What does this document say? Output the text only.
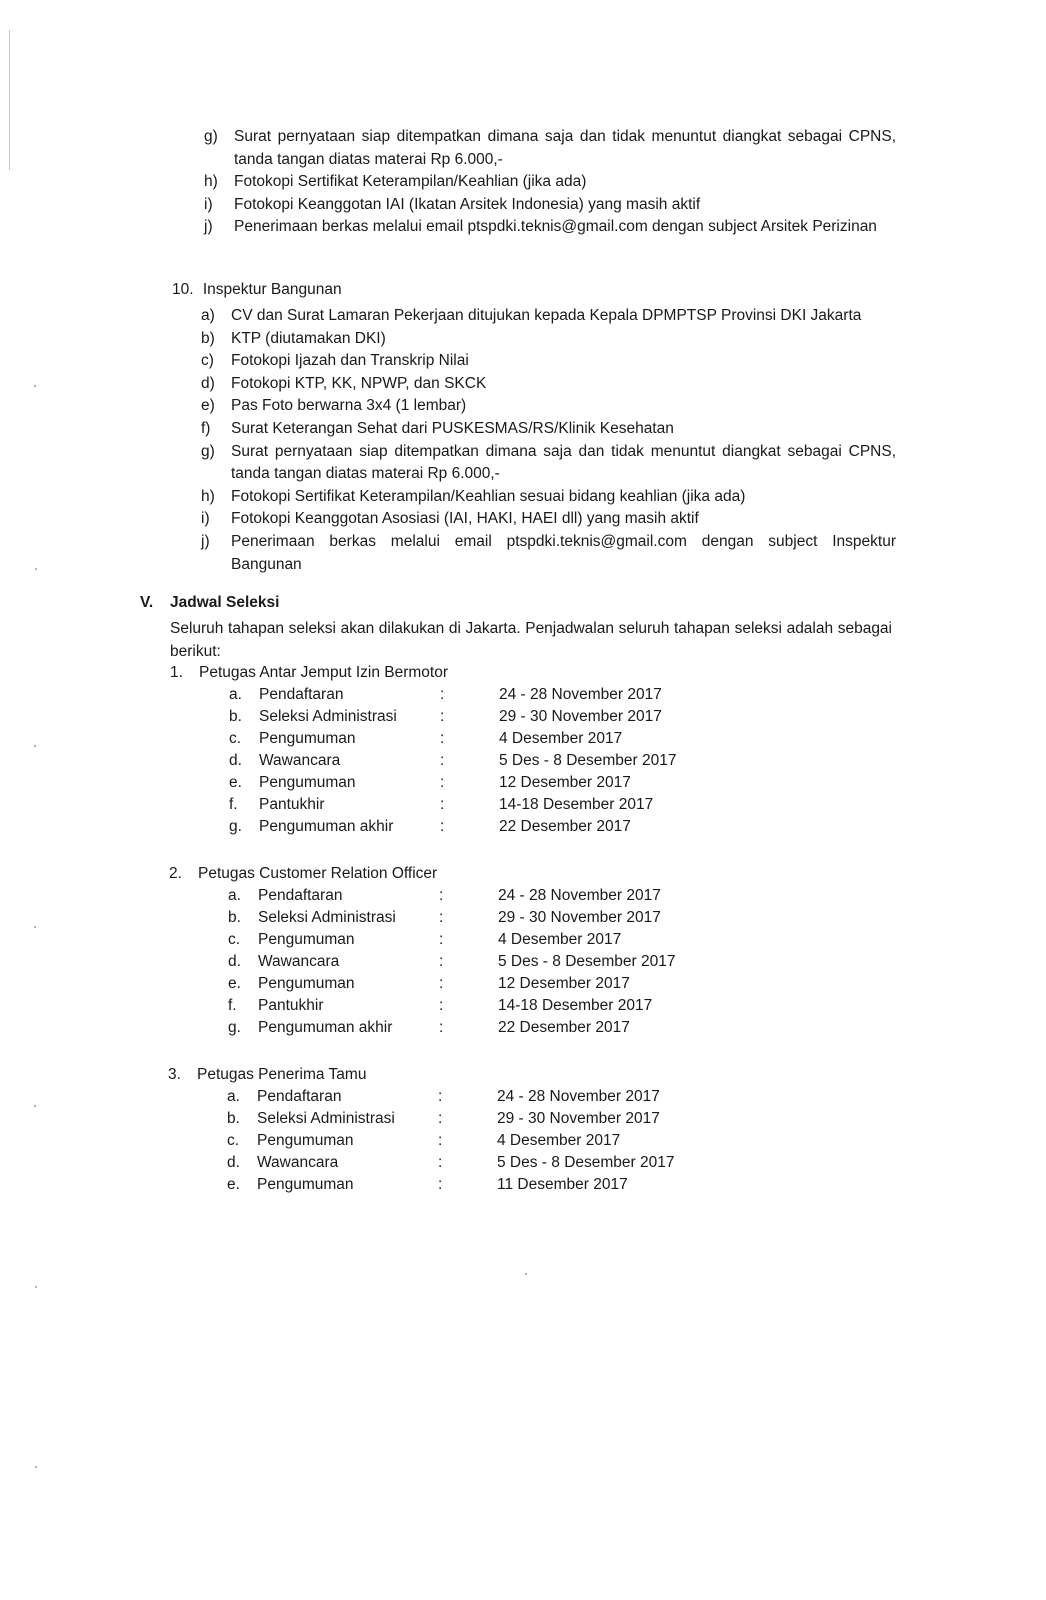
g) Surat pernyataan siap ditempatkan dimana saja dan tidak menuntut diangkat sebagai CPNS, tanda tangan diatas materai Rp 6.000,-
h) Fotokopi Sertifikat Keterampilan/Keahlian (jika ada)
i) Fotokopi Keanggotan IAI (Ikatan Arsitek Indonesia) yang masih aktif
j) Penerimaan berkas melalui email ptspdki.teknis@gmail.com dengan subject Arsitek Perizinan
10. Inspektur Bangunan
a) CV dan Surat Lamaran Pekerjaan ditujukan kepada Kepala DPMPTSP Provinsi DKI Jakarta
b) KTP (diutamakan DKI)
c) Fotokopi Ijazah dan Transkrip Nilai
d) Fotokopi KTP, KK, NPWP, dan SKCK
e) Pas Foto berwarna 3x4 (1 lembar)
f) Surat Keterangan Sehat dari PUSKESMAS/RS/Klinik Kesehatan
g) Surat pernyataan siap ditempatkan dimana saja dan tidak menuntut diangkat sebagai CPNS, tanda tangan diatas materai Rp 6.000,-
h) Fotokopi Sertifikat Keterampilan/Keahlian sesuai bidang keahlian (jika ada)
i) Fotokopi Keanggotan Asosiasi (IAI, HAKI, HAEI dll) yang masih aktif
j) Penerimaan berkas melalui email ptspdki.teknis@gmail.com dengan subject Inspektur Bangunan
V. Jadwal Seleksi
Seluruh tahapan seleksi akan dilakukan di Jakarta. Penjadwalan seluruh tahapan seleksi adalah sebagai berikut:
1. Petugas Antar Jemput Izin Bermotor
a. Pendaftaran	:	24 - 28 November 2017
b. Seleksi Administrasi	:	29 - 30 November 2017
c. Pengumuman	:	4 Desember 2017
d. Wawancara	:	5 Des - 8 Desember 2017
e. Pengumuman	:	12 Desember 2017
f. Pantukhir	:	14-18 Desember 2017
g. Pengumuman akhir	:	22 Desember 2017
2. Petugas Customer Relation Officer
a. Pendaftaran	:	24 - 28 November 2017
b. Seleksi Administrasi	:	29 - 30 November 2017
c. Pengumuman	:	4 Desember 2017
d. Wawancara	:	5 Des - 8 Desember 2017
e. Pengumuman	:	12 Desember 2017
f. Pantukhir	:	14-18 Desember 2017
g. Pengumuman akhir	:	22 Desember 2017
3. Petugas Penerima Tamu
a. Pendaftaran	:	24 - 28 November 2017
b. Seleksi Administrasi	:	29 - 30 November 2017
c. Pengumuman	:	4 Desember 2017
d. Wawancara	:	5 Des - 8 Desember 2017
e. Pengumuman	:	11 Desember 2017
